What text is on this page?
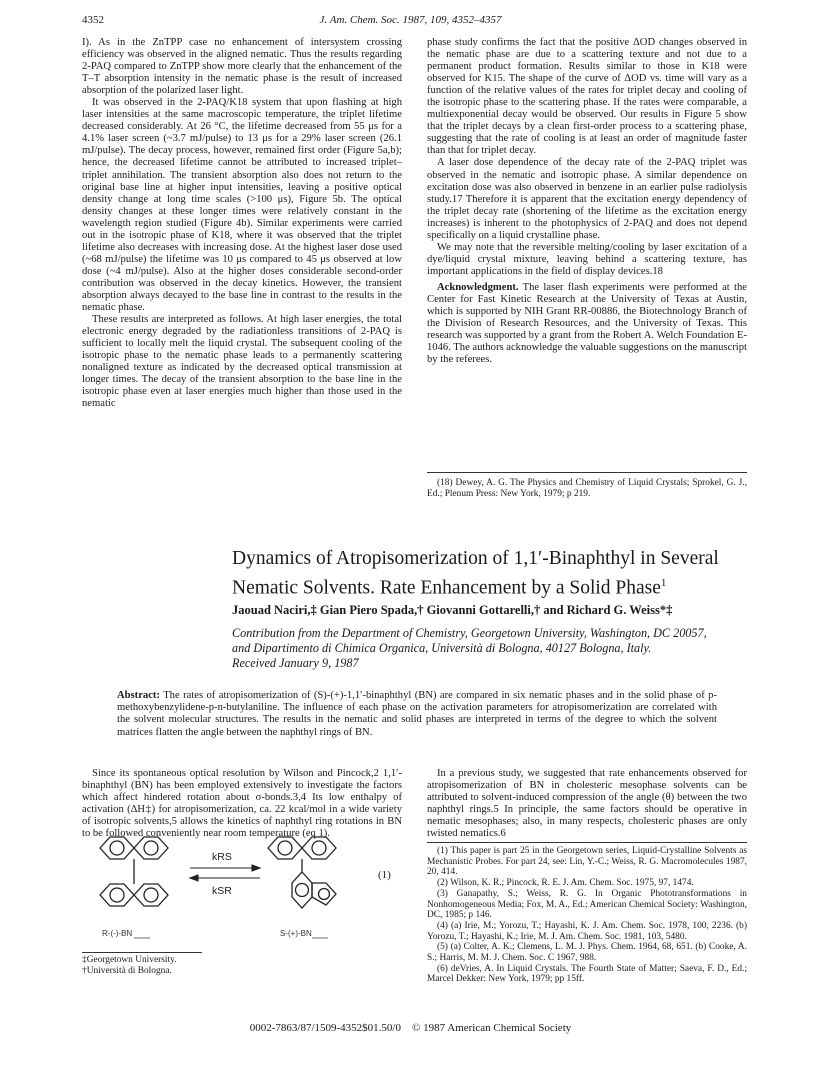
4352	J. Am. Chem. Soc. 1987, 109, 4352–4357

I). As in the ZnTPP case no enhancement of intersystem crossing efficiency was observed in the aligned nematic. Thus the results regarding 2-PAQ compared to ZnTPP show more clearly that the enhancement of the T–T absorption intensity in the nematic phase is the result of increased absorption of the polarized laser light.

It was observed in the 2-PAQ/K18 system that upon flashing at high laser intensities at the same macroscopic temperature, the triplet lifetime decreased considerably. At 26 °C, the lifetime decreased from 55 μs for a 4.1% laser screen (~3.7 mJ/pulse) to 13 μs for a 29% laser screen (26.1 mJ/pulse). The decay process, however, remained first order (Figure 5a,b); hence, the decreased lifetime cannot be attributed to increased triplet–triplet annihilation. The transient absorption also does not return to the original base line at higher input intensities, leaving a positive optical density change at long time scales (>100 μs), Figure 5b. The optical density changes at these longer times were relatively constant in the wavelength region studied (Figure 4b). Similar experiments were carried out in the isotropic phase of K18, where it was observed that the triplet lifetime also decreases with increasing dose. At the highest laser dose used (~68 mJ/pulse) the lifetime was 10 μs compared to 45 μs observed at low dose (~4 mJ/pulse). Also at the higher doses considerable second-order contribution was observed in the decay kinetics. However, the transient absorption always decayed to the base line in contrast to the results in the nematic phase.

These results are interpreted as follows. At high laser energies, the total electronic energy degraded by the radiationless transitions of 2-PAQ is sufficient to locally melt the liquid crystal. The subsequent cooling of the isotropic phase to the nematic phase leads to a permanently scattering nonaligned texture as indicated by the decreased optical transmission at longer times. The decay of the transient absorption to the base line in the isotropic phase even at laser energies much higher than those used in the nematic

phase study confirms the fact that the positive ΔOD changes observed in the nematic phase are due to a scattering texture and not due to a permanent product formation. Results similar to those in K18 were observed for K15. The shape of the curve of ΔOD vs. time will vary as a function of the relative values of the rates for triplet decay and cooling of the isotropic phase to the scattering phase. If the rates were comparable, a multiexponential decay would be observed. Our results in Figure 5 show that the triplet decays by a clean first-order process to a scattering phase, suggesting that the rate of cooling is at least an order of magnitude faster than that for triplet decay.

A laser dose dependence of the decay rate of the 2-PAQ triplet was observed in the nematic and isotropic phase. A similar dependence on excitation dose was also observed in benzene in an earlier pulse radiolysis study.17 Therefore it is apparent that the excitation energy dependency of the triplet decay rate (shortening of the lifetime as the excitation energy increases) is inherent to the photophysics of 2-PAQ and does not depend specifically on a liquid crystalline phase.

We may note that the reversible melting/cooling by laser excitation of a dye/liquid crystal mixture, leaving behind a scattering texture, has important applications in the field of display devices.18

Acknowledgment. The laser flash experiments were performed at the Center for Fast Kinetic Research at the University of Texas at Austin, which is supported by NIH Grant RR-00886, the Biotechnology Branch of the Division of Research Resources, and the University of Texas. This research was supported by a grant from the Robert A. Welch Foundation E-1046. The authors acknowledge the valuable suggestions on the manuscript by the referees.

(18) Dewey, A. G. The Physics and Chemistry of Liquid Crystals; Sprokel, G. J., Ed.; Plenum Press: New York, 1979; p 219.

Dynamics of Atropisomerization of 1,1′-Binaphthyl in Several
Nematic Solvents. Rate Enhancement by a Solid Phase$^1$
Jaouad Naciri,‡ Gian Piero Spada,† Giovanni Gottarelli,† and Richard G. Weiss*‡
Contribution from the Department of Chemistry, Georgetown University, Washington, DC 20057,
and Dipartimento di Chimica Organica, Università di Bologna, 40127 Bologna, Italy.
Received January 9, 1987
Abstract: The rates of atropisomerization of (S)-(+)-1,1′-binaphthyl (BN) are compared in six nematic phases and in the solid phase of p-methoxybenzylidene-p-n-butylaniline. The influence of each phase on the activation parameters for atropisomerization are correlated with the solvent molecular structures. The results in the nematic and solid phases are interpreted in terms of the degree to which the solvent matrices flatten the angle between the naphthyl rings of BN.

Since its spontaneous optical resolution by Wilson and Pincock,2 1,1′-binaphthyl (BN) has been employed extensively to investigate the factors which affect hindered rotation about σ-bonds.3,4 Its low enthalpy of activation (ΔH‡) for atropisomerization, ca. 22 kcal/mol in a wide variety of isotropic solvents,5 allows the kinetics of naphthyl ring rotations in BN to be followed conveniently near room temperature (eq 1).

kRS
kSR
(1)
R-(-)-BN	S-(+)-BN
‡Georgetown University.
†Università di Bologna.

In a previous study, we suggested that rate enhancements observed for atropisomerization of BN in cholesteric mesophase solvents can be attributed to solvent-induced compression of the angle (θ) between the two naphthyl rings.5 In principle, the same factors should be operative in nematic mesophases; also, in many respects, cholesteric phases are only twisted nematics.6

(1) This paper is part 25 in the Georgetown series, Liquid-Crystalline Solvents as Mechanistic Probes. For part 24, see: Lin, Y.-C.; Weiss, R. G. Macromolecules 1987, 20, 414.

(2) Wilson, K. R.; Pincock, R. E. J. Am. Chem. Soc. 1975, 97, 1474.

(3) Ganapathy, S.; Weiss, R. G. In Organic Phototransformations in Nonhomogeneous Media; Fox, M. A., Ed.; American Chemical Society: Washington, DC, 1985; p 146.

(4) (a) Irie, M.; Yorozu, T.; Hayashi, K. J. Am. Chem. Soc. 1978, 100, 2236. (b) Yorozu, T.; Hayashi, K.; Irie, M. J. Am. Chem. Soc. 1981, 103, 5480.

(5) (a) Colter, A. K.; Clemens, L. M. J. Phys. Chem. 1964, 68, 651. (b) Cooke, A. S.; Harris, M. M. J. Chem. Soc. C 1967, 988.

(6) deVries, A. In Liquid Crystals. The Fourth State of Matter; Saeva, F. D., Ed.; Marcel Dekker: New York, 1979; pp 15ff.

0002-7863/87/1509-4352$01.50/0 © 1987 American Chemical Society
